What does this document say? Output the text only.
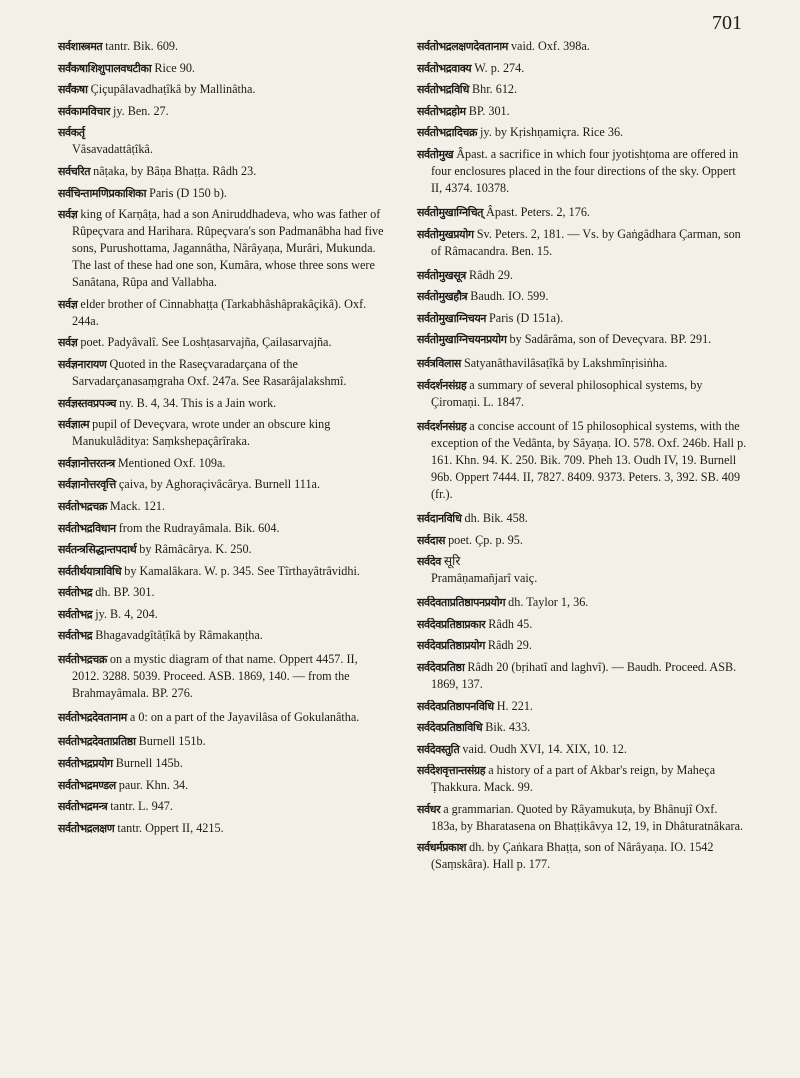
701

सर्वशास्त्रमत tantr. Bik. 609.

सर्वंकषाशिशुपालवधटीका Rice 90.

सर्वंकषा Çiçupâlavadhaṭîkâ by Mallinâtha.

सर्वकामविचार jy. Ben. 27.

सर्वकर्तृ
Vâsavadattâṭîkâ.

सर्वचरित nâṭaka, by Bâṇa Bhaṭṭa. Râdh 23.

सर्वचिन्तामणिप्रकाशिका Paris (D 150 b).

सर्वज्ञ king of Karṇâṭa, had a son Aniruddhadeva, who was father of Rûpeçvara and Harihara. Rûpeçvara's son Padmanâbha had five sons, Purushottama, Jagannâtha, Nârâyaṇa, Murâri, Mukunda. The last of these had one son, Kumâra, whose three sons were Sanâtana, Rûpa and Vallabha.

सर्वज्ञ elder brother of Cinnabhaṭṭa (Tarkabhâshâprakâçikâ). Oxf. 244a.

सर्वज्ञ poet. Padyâvalî. See Loshṭasarvajña, Çailasarvajña.

सर्वज्ञनारायण Quoted in the Raseçvaradarçana of the Sarvadarçanasaṃgraha Oxf. 247a. See Rasarâjalakshmî.

सर्वज्ञस्तवप्रपञ्च ny. B. 4, 34. This is a Jain work.

सर्वज्ञात्म pupil of Deveçvara, wrote under an obscure king Manukulâditya: Saṃkshepaçârîraka.

सर्वज्ञानोत्तरतन्त्र Mentioned Oxf. 109a.

सर्वज्ञानोत्तरवृत्ति çaiva, by Aghoraçivâcârya. Burnell 111a.

सर्वतोभद्रचक्र Mack. 121.

सर्वतोभद्रविधान from the Rudrayâmala. Bik. 604.

सर्वतन्त्रसिद्धान्तपदार्थ by Râmâcârya. K. 250.

सर्वतीर्थयात्राविधि by Kamalâkara. W. p. 345. See Tîrthayâtrâvidhi.

सर्वतोभद्र dh. BP. 301.

सर्वतोभद्र jy. B. 4, 204.

सर्वतोभद्र Bhagavadgîtâṭîkâ by Râmakaṇṭha.

सर्वतोभद्रचक्र on a mystic diagram of that name. Oppert 4457. II, 2012. 3288. 5039. Proceed. ASB. 1869, 140. — from the Brahmayâmala. BP. 276.

सर्वतोभद्रदेवतानाम a 0: on a part of the Jayavilâsa of Gokulanâtha.

सर्वतोभद्रदेवताप्रतिष्ठा Burnell 151b.

सर्वतोभद्रप्रयोग Burnell 145b.

सर्वतोभद्रमण्डल paur. Khn. 34.

सर्वतोभद्रमन्त्र tantr. L. 947.

सर्वतोभद्रलक्षण tantr. Oppert II, 4215.

सर्वतोभद्रलक्षणदेवतानाम vaid. Oxf. 398a.

सर्वतोभद्रवाक्य W. p. 274.

सर्वतोभद्रविधि Bhr. 612.

सर्वतोभद्रहोम BP. 301.

सर्वतोभद्रादिचक्र jy. by Kṛishṇamiçra. Rice 36.

सर्वतोमुख Âpast. a sacrifice in which four jyotishṭoma are offered in four enclosures placed in the four directions of the sky. Oppert II, 4374. 10378.

सर्वतोमुखाग्निचित् Âpast. Peters. 2, 176.

सर्वतोमुखप्रयोग Sv. Peters. 2, 181. — Vs. by Gaṅgâdhara Çarman, son of Râmacandra. Ben. 15.

सर्वतोमुखसूत्र Râdh 29.

सर्वतोमुखहौत्र Baudh. IO. 599.

सर्वतोमुखाग्निचयन Paris (D 151a).

सर्वतोमुखाग्निचयनप्रयोग by Sadârâma, son of Deveçvara. BP. 291.

सर्वत्रविलास Satyanâthavilâsaṭîkâ by Lakshmînṛisiṅha.

सर्वदर्शनसंग्रह a summary of several philosophical systems, by Çiromaṇi. L. 1847.

सर्वदर्शनसंग्रह a concise account of 15 philosophical systems, with the exception of the Vedânta, by Sâyaṇa. IO. 578. Oxf. 246b. Hall p. 161. Khn. 94. K. 250. Bik. 709. Pheh 13. Oudh IV, 19. Burnell 96b. Oppert 7444. II, 7827. 8409. 9373. Peters. 3, 392. SB. 409 (fr.).

सर्वदानविधि dh. Bik. 458.

सर्वदास poet. Çp. p. 95.

सर्वदेव सूरि
Pramâṇamañjarî vaiç.

सर्वदेवताप्रतिष्ठापनप्रयोग dh. Taylor 1, 36.

सर्वदेवप्रतिष्ठाप्रकार Râdh 45.

सर्वदेवप्रतिष्ठाप्रयोग Râdh 29.

सर्वदेवप्रतिष्ठा Râdh 20 (bṛihatî and laghvî). — Baudh. Proceed. ASB. 1869, 137.

सर्वदेवप्रतिष्ठापनविधि H. 221.

सर्वदेवप्रतिष्ठाविधि Bik. 433.

सर्वदेवस्तुति vaid. Oudh XVI, 14. XIX, 10. 12.

सर्वदेशवृत्तान्तसंग्रह a history of a part of Akbar's reign, by Maheça Ṭhakkura. Mack. 99.

सर्वधर a grammarian. Quoted by Râyamukuṭa, by Bhânujî Oxf. 183a, by Bharatasena on Bhaṭṭikâvya 12, 19, in Dhâturatnâkara.

सर्वधर्मप्रकाश dh. by Çaṅkara Bhaṭṭa, son of Nârâyaṇa. IO. 1542 (Saṃskâra). Hall p. 177.
